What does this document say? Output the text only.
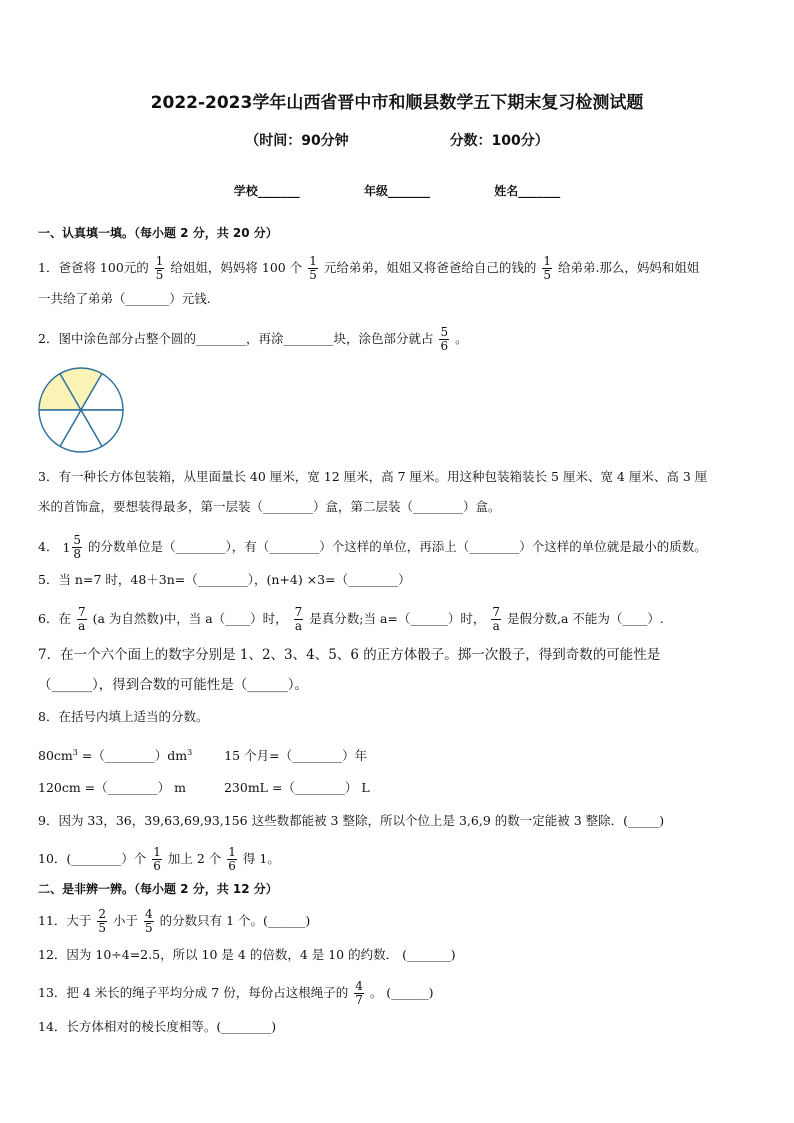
2022-2023学年山西省晋中市和顺县数学五下期末复习检测试题
（时间：90分钟	分数：100分）
学校_______	年级_______	姓名_______
一、认真填一填。（每小题 2 分，共 20 分）
1．爸爸将 100元的 $\frac{1}{5}$ 给姐姐，妈妈将 100 个 $\frac{1}{5}$ 元给弟弟，姐姐又将爸爸给自己的钱的 $\frac{1}{5}$ 给弟弟.那么，妈妈和姐姐
一共给了弟弟（_______）元钱.
2．图中涂色部分占整个圆的________，再涂________块，涂色部分就占 $\frac{5}{6}$ 。
3．有一种长方体包装箱，从里面量长 40 厘米，宽 12 厘米，高 7 厘米。用这种包装箱装长 5 厘米、宽 4 厘米、高 3 厘
米的首饰盒，要想装得最多，第一层装（________）盒，第二层装（________）盒。
4． $1 \frac{5}{8}$ 的分数单位是（________），有（________）个这样的单位，再添上（________）个这样的单位就是最小的质数。
5．当 n=7 时，48＋3n=（________），(n+4) ×3=（________）
6．在 $\frac{7}{a} (a$ 为自然数)中，当 a（____）时， $\frac{7}{a}$ 是真分数;当 a=（______）时， $\frac{7}{a}$ 是假分数,a 不能为（____）.
7．在一个六个面上的数字分别是 1、2、3、4、5、6 的正方体骰子。掷一次骰子，得到奇数的可能性是
（______），得到合数的可能性是（______）。
8．在括号内填上适当的分数。
$80cm^3$ $=(\_\_\_\_\_\_\_\_)dm^3$	15 个月=（________）年
120cm =（________） m	230mL =（________） L
9．因为 33，36，39,63,69,93,156 这些数都能被 3 整除，所以个位上是 3,6,9 的数一定能被 3 整除．(_____)
10．(________）个 $\frac{1}{6}$ 加上 2 个 $\frac{1}{6}$ 得 1。
二、是非辨一辨。（每小题 2 分，共 12 分）
11．大于 $\frac{2}{5}$ 小于 $\frac{4}{5}$ 的分数只有 1 个。(______)
12．因为 10÷4=2.5，所以 10 是 4 的倍数，4 是 10 的约数． (_______)
13．把 4 米长的绳子平均分成 7 份，每份占这根绳子的 $\frac{4}{7}$ 。 (______)
14．长方体相对的棱长度相等。(________)
